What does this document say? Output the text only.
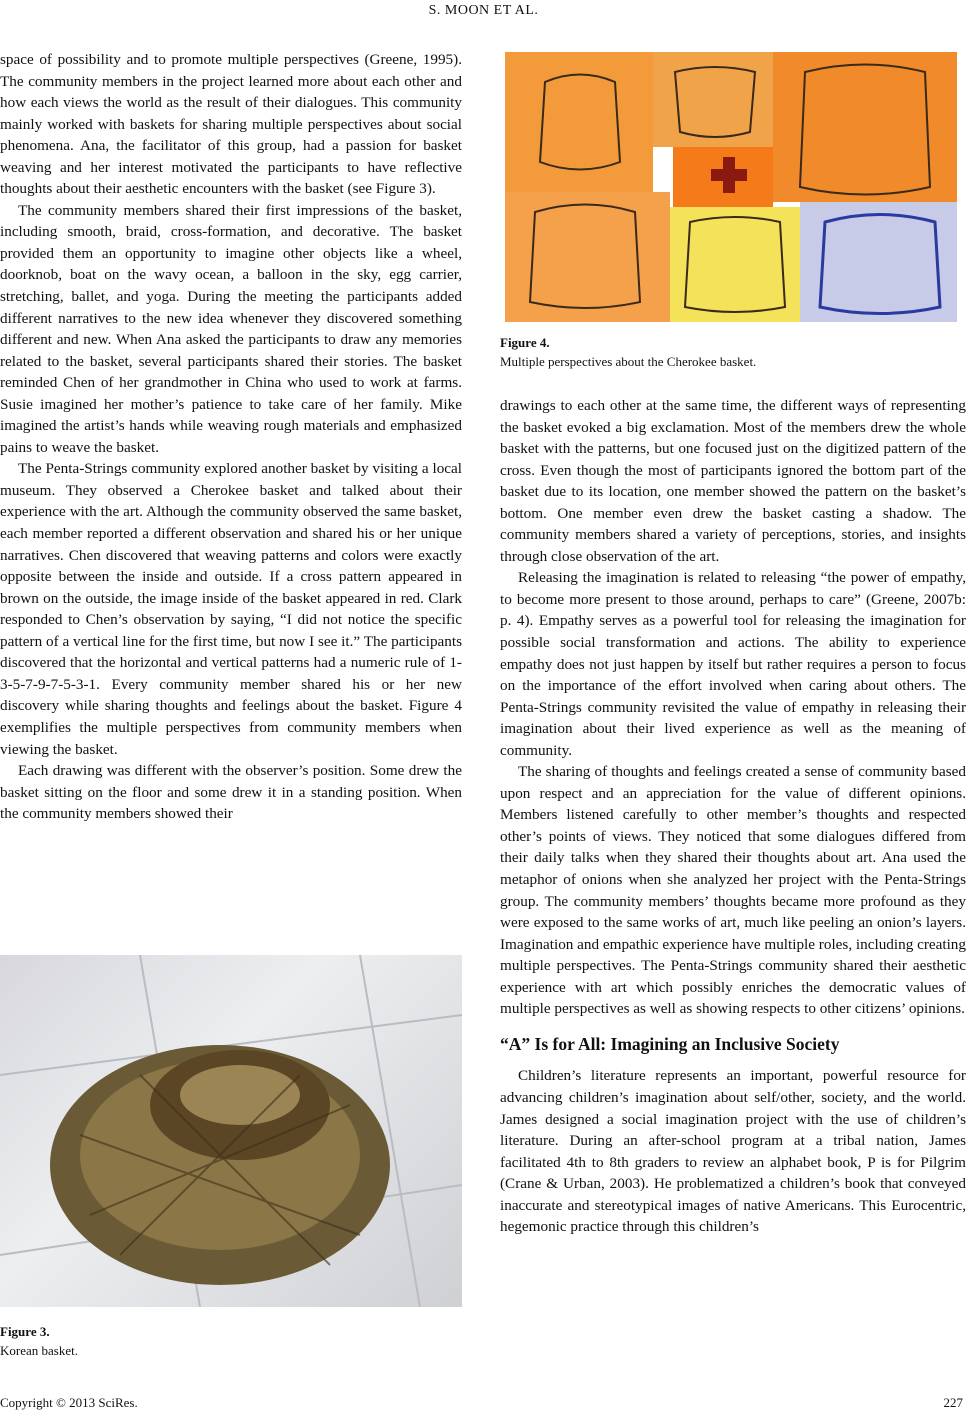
S. MOON ET AL.

space of possibility and to promote multiple perspectives (Greene, 1995). The community members in the project learned more about each other and how each views the world as the result of their dialogues. This community mainly worked with baskets for sharing multiple perspectives about social phenomena. Ana, the facilitator of this group, had a passion for basket weaving and her interest motivated the participants to have reflective thoughts about their aesthetic encounters with the basket (see Figure 3).

The community members shared their first impressions of the basket, including smooth, braid, cross-formation, and decorative. The basket provided them an opportunity to imagine other objects like a wheel, doorknob, boat on the wavy ocean, a balloon in the sky, egg carrier, stretching, ballet, and yoga. During the meeting the participants added different narratives to the new idea whenever they discovered something different and new. When Ana asked the participants to draw any memories related to the basket, several participants shared their stories. The basket reminded Chen of her grandmother in China who used to work at farms. Susie imagined her mother’s patience to take care of her family. Mike imagined the artist’s hands while weaving rough materials and emphasized pains to weave the basket.

The Penta-Strings community explored another basket by visiting a local museum. They observed a Cherokee basket and talked about their experience with the art. Although the community observed the same basket, each member reported a different observation and shared his or her unique narratives. Chen discovered that weaving patterns and colors were exactly opposite between the inside and outside. If a cross pattern appeared in brown on the outside, the image inside of the basket appeared in red. Clark responded to Chen’s observation by saying, “I did not notice the specific pattern of a vertical line for the first time, but now I see it.” The participants discovered that the horizontal and vertical patterns had a numeric rule of 1-3-5-7-9-7-5-3-1. Every community member shared his or her new discovery while sharing thoughts and feelings about the basket. Figure 4 exemplifies the multiple perspectives from community members when viewing the basket.

Each drawing was different with the observer’s position. Some drew the basket sitting on the floor and some drew it in a standing position. When the community members showed their

Figure 3.
Korean basket.
Figure 4.
Multiple perspectives about the Cherokee basket.

drawings to each other at the same time, the different ways of representing the basket evoked a big exclamation. Most of the members drew the whole basket with the patterns, but one focused just on the digitized pattern of the cross. Even though the most of participants ignored the bottom part of the basket due to its location, one member showed the pattern on the basket’s bottom. One member even drew the basket casting a shadow. The community members shared a variety of perceptions, stories, and insights through close observation of the art.

Releasing the imagination is related to releasing “the power of empathy, to become more present to those around, perhaps to care” (Greene, 2007b: p. 4). Empathy serves as a powerful tool for releasing the imagination for possible social transformation and actions. The ability to experience empathy does not just happen by itself but rather requires a person to focus on the importance of the effort involved when caring about others. The Penta-Strings community revisited the value of empathy in releasing their imagination about their lived experience as well as the meaning of community.

The sharing of thoughts and feelings created a sense of community based upon respect and an appreciation for the value of different opinions. Members listened carefully to other member’s thoughts and respected other’s points of views. They noticed that some dialogues differed from their daily talks when they shared their thoughts about art. Ana used the metaphor of onions when she analyzed her project with the Penta-Strings group. The community members’ thoughts became more profound as they were exposed to the same works of art, much like peeling an onion’s layers. Imagination and empathic experience have multiple roles, including creating multiple perspectives. The Penta-Strings community shared their aesthetic experience with art which possibly enriches the democratic values of multiple perspectives as well as showing respects to other citizens’ opinions.

“A” Is for All: Imagining an Inclusive Society

Children’s literature represents an important, powerful resource for advancing children’s imagination about self/other, society, and the world. James designed a social imagination project with the use of children’s literature. During an after-school program at a tribal nation, James facilitated 4th to 8th graders to review an alphabet book, P is for Pilgrim (Crane & Urban, 2003). He problematized a children’s book that conveyed inaccurate and stereotypical images of native Americans. This Eurocentric, hegemonic practice through this children’s

Copyright © 2013 SciRes.	227
